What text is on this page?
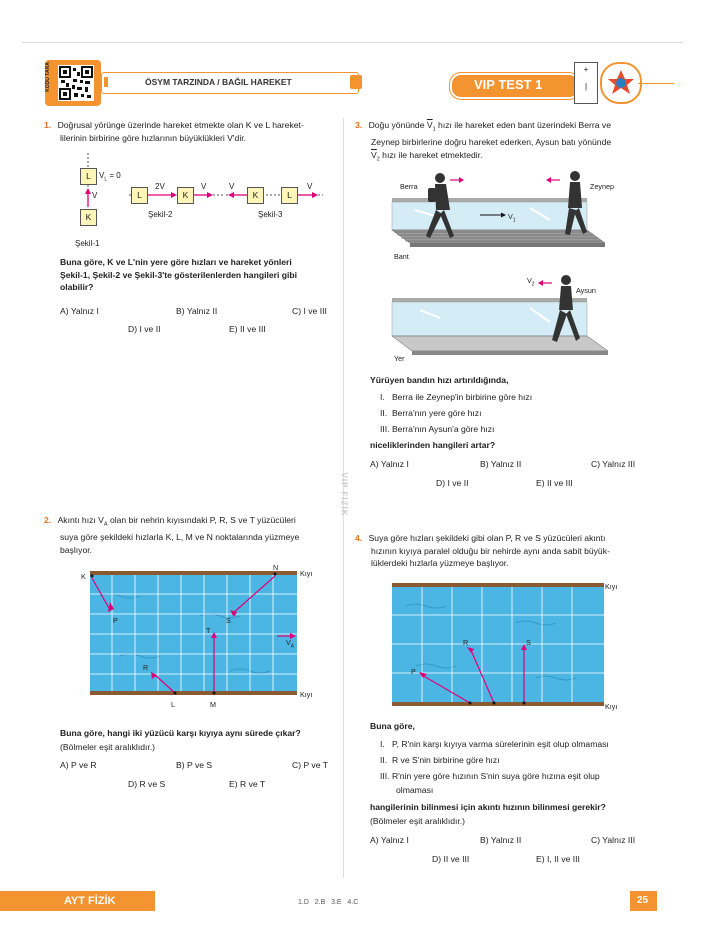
KODU TARA	ÖSYM TARZINDA / BAĞIL HAREKET	VIP TEST 1
+
|
VIP FİZİK
1. Doğrusal yörünge üzerinde hareket etmekte olan K ve L hareket-
lilerinin birbirine göre hızlarının büyüklükleri V'dir.
L	$V_L = 0$
V
K
Şekil-1
L
2V
K
V
Şekil-2
V
K	L
V
Şekil-3
Buna göre, K ve L'nin yere göre hızları ve hareket yönleri
Şekil-1, Şekil-2 ve Şekil-3'te gösterilenlerden hangileri gibi
olabilir?
A) Yalnız I	B) Yalnız II	C) I ve III
D) I ve II	E) II ve III
2. Akıntı hızı $V_A$ olan bir nehrin kıyısındaki P, R, S ve T yüzücüleri
suya göre şekildeki hızlarla K, L, M ve N noktalarında yüzmeye
başlıyor.
K
N
P	S
T
R
L	M
$V_A$
Kıyı
Kıyı
Buna göre, hangi iki yüzücü karşı kıyıya aynı sürede çıkar?
(Bölmeler eşit aralıklıdır.)
A) P ve R	B) P ve S	C) P ve T
D) R ve S	E) R ve T
3. Doğu yönünde $\overline{V}_1$ hızı ile hareket eden bant üzerindeki Berra ve
Zeynep birbirlerine doğru hareket ederken, Aysun batı yönünde
$\overline{V}_2$ hızı ile hareket etmektedir.
Berra	Zeynep
$V_1$
Bant
$V_2$
Aysun
Yer
Yürüyen bandın hızı artırıldığında,
I.   Berra ile Zeynep'in birbirine göre hızı
II.  Berra'nın yere göre hızı
III. Berra'nın Aysun'a göre hızı
niceliklerinden hangileri artar?
A) Yalnız I	B) Yalnız II	C) Yalnız III
D) I ve II	E) II ve III
4. Suya göre hızları şekildeki gibi olan P, R ve S yüzücüleri akıntı
hızının kıyıya paralel olduğu bir nehirde aynı anda sabit büyük-
lüklerdeki hızlarla yüzmeye başlıyor.
R	S
P
Kıyı
Kıyı
Buna göre,
I.   P, R'nin karşı kıyıya varma sürelerinin eşit olup olmaması
II.  R ve S'nin birbirine göre hızı
III. R'nin yere göre hızının S'nin suya göre hızına eşit olup
olmaması
hangilerinin bilinmesi için akıntı hızının bilinmesi gerekir?
(Bölmeler eşit aralıklıdır.)
A) Yalnız I	B) Yalnız II	C) Yalnız III
D) II ve III	E) I, II ve III
AYT FİZİK	1.D   2.B   3.E   4.C	25
